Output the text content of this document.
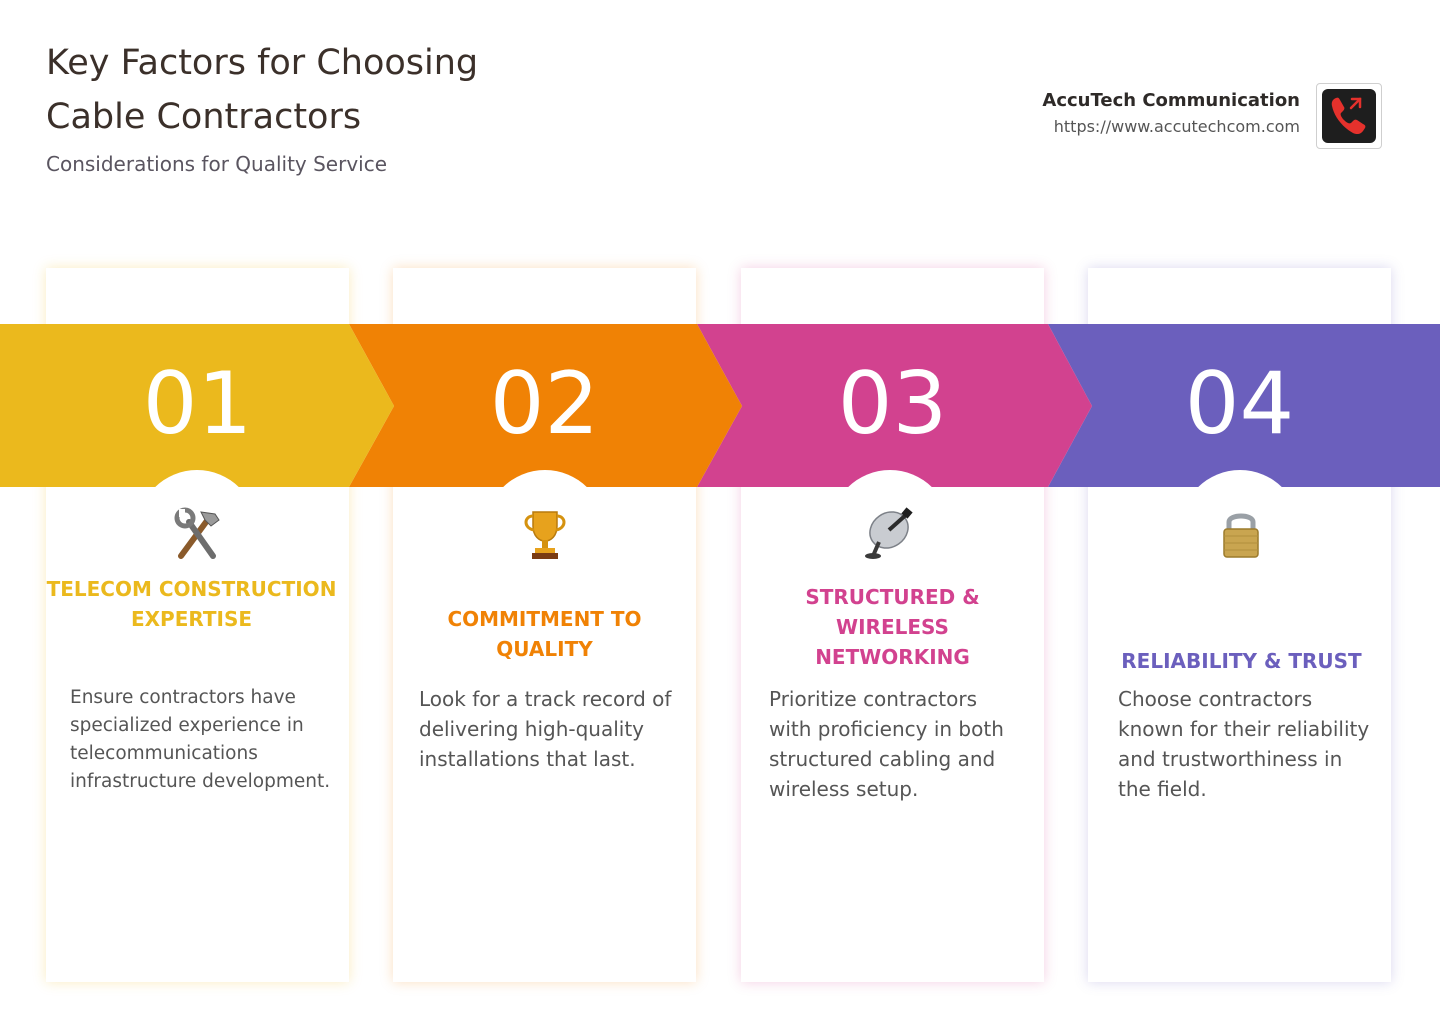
Key Factors for Choosing Cable Contractors
Considerations for Quality Service
AccuTech Communication
https://www.accutechcom.com
01	02	03	04
TELECOM CONSTRUCTION EXPERTISE	COMMITMENT TO QUALITY
STRUCTURED & WIRELESS NETWORKING	RELIABILITY & TRUST
Ensure contractors have specialized experience in telecommunications infrastructure development.
Look for a track record of delivering high-quality installations that last.
Prioritize contractors with proficiency in both structured cabling and wireless setup.
Choose contractors known for their reliability and trustworthiness in the field.
